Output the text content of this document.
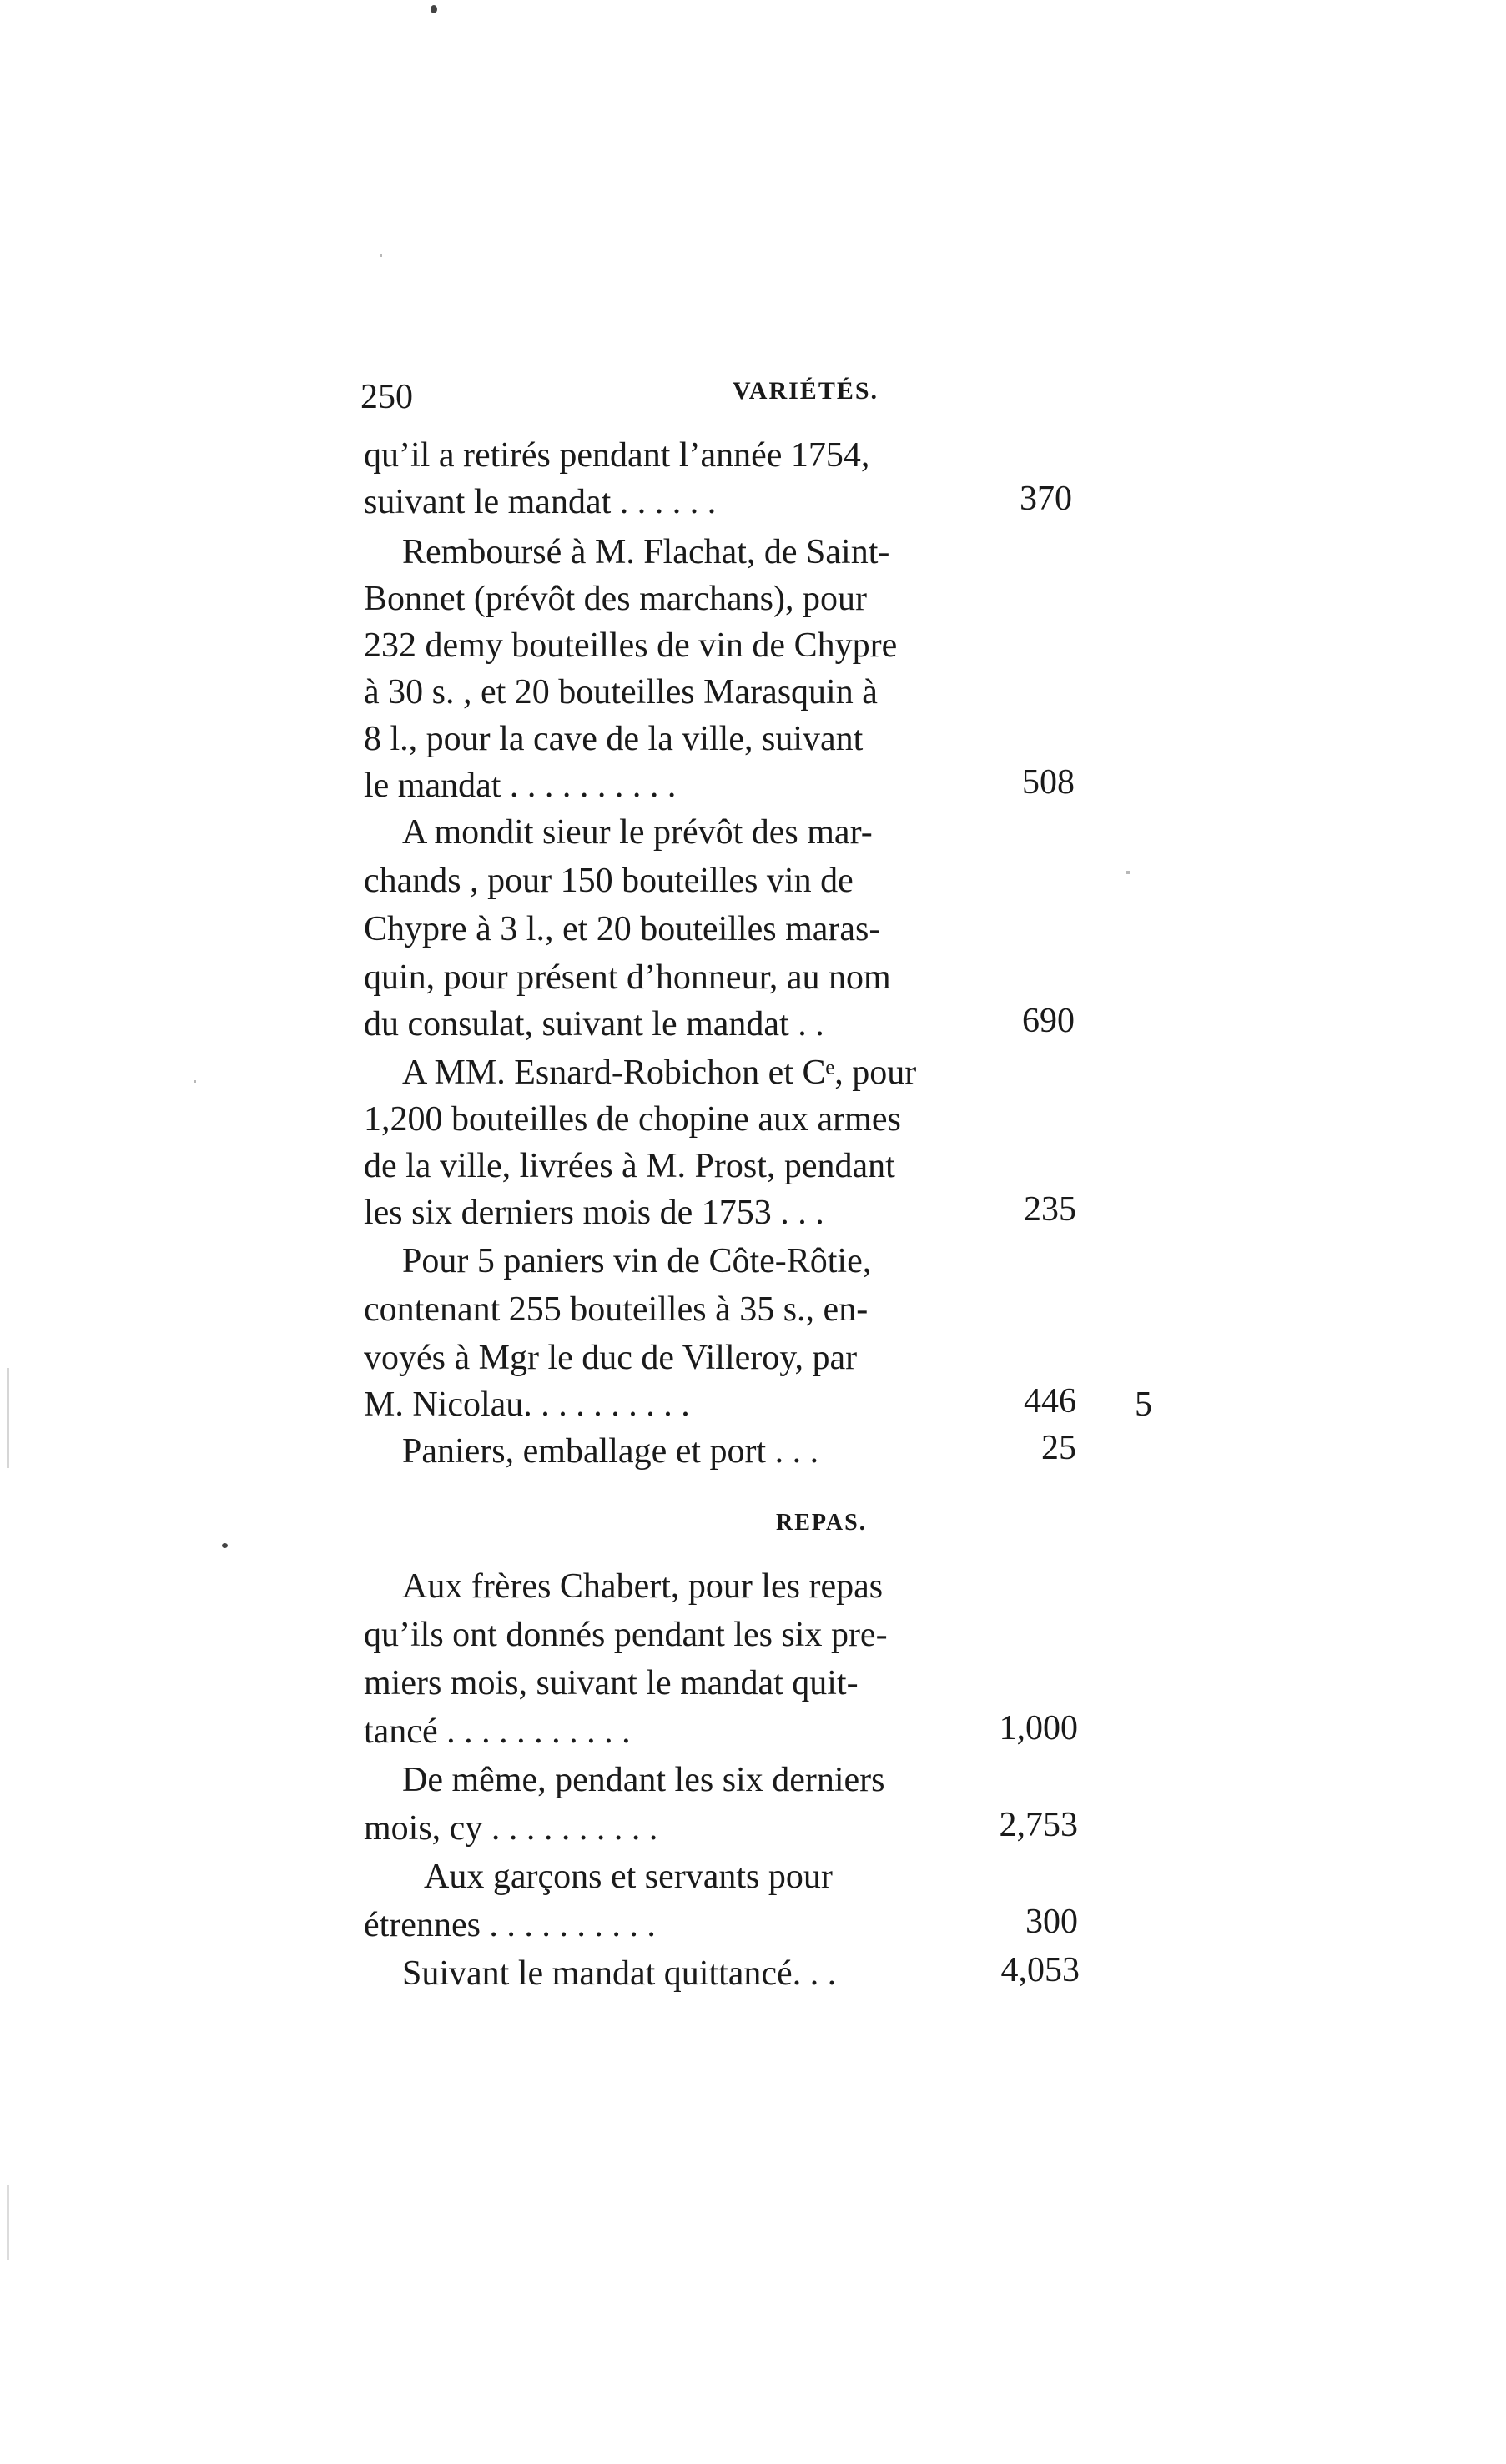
250	VARIÉTÉS.
qu’il a retirés pendant l’année 1754,
suivant le mandat . . . . . .	370
Remboursé à M. Flachat, de Saint-
Bonnet (prévôt des marchans), pour
232 demy bouteilles de vin de Chypre
à 30 s. , et 20 bouteilles Marasquin à
8 l., pour la cave de la ville, suivant
le mandat . . . . . . . . . .	508
A mondit sieur le prévôt des mar-
chands , pour 150 bouteilles vin de
Chypre à 3 l., et 20 bouteilles maras-
quin, pour présent d’honneur, au nom
du consulat, suivant le mandat . .	690
A MM. Esnard-Robichon et Cᵉ, pour
1,200 bouteilles de chopine aux armes
de la ville, livrées à M. Prost, pendant
les six derniers mois de 1753 . . .	235
Pour 5 paniers vin de Côte-Rôtie,
contenant 255 bouteilles à 35 s., en-
voyés à Mgr le duc de Villeroy, par
M. Nicolau. . . . . . . . . .	446 5
Paniers, emballage et port . . .	25
REPAS.
Aux frères Chabert, pour les repas
qu’ils ont donnés pendant les six pre-
miers mois, suivant le mandat quit-
tancé . . . . . . . . . . .	1,000
De même, pendant les six derniers
mois, cy . . . . . . . . . .	2,753
Aux garçons et servants pour
étrennes . . . . . . . . . .	300
Suivant le mandat quittancé. . .	4,053
